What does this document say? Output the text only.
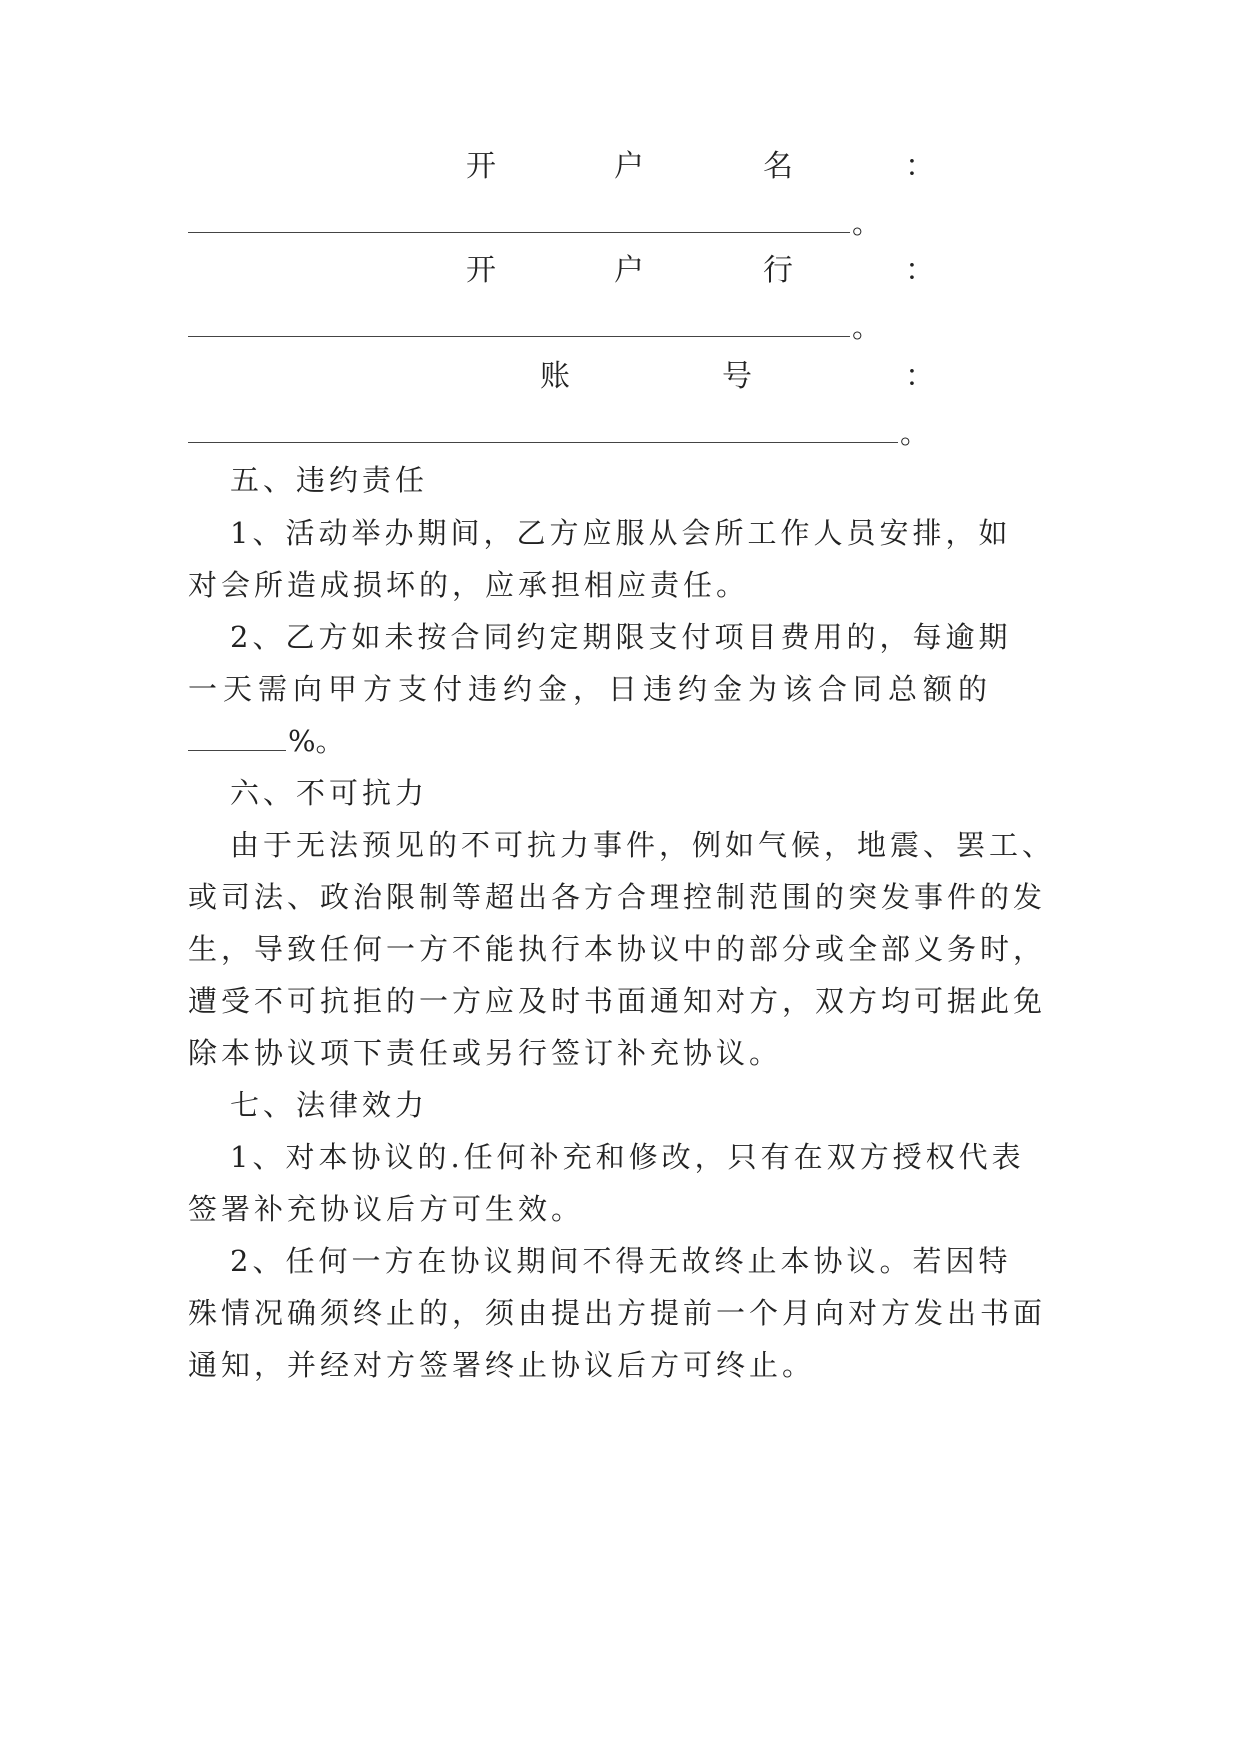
开	户	名	：
。
开	户	行	：
。
账	号	：
。
五、违约责任
1、活动举办期间，乙方应服从会所工作人员安排，如
对会所造成损坏的，应承担相应责任。
2、乙方如未按合同约定期限支付项目费用的，每逾期
一天需向甲方支付违约金，日违约金为该合同总额的
%。
六、不可抗力
由于无法预见的不可抗力事件，例如气候，地震、罢工、
或司法、政治限制等超出各方合理控制范围的突发事件的发
生，导致任何一方不能执行本协议中的部分或全部义务时，
遭受不可抗拒的一方应及时书面通知对方，双方均可据此免
除本协议项下责任或另行签订补充协议。
七、法律效力
1、对本协议的.任何补充和修改，只有在双方授权代表
签署补充协议后方可生效。
2、任何一方在协议期间不得无故终止本协议。若因特
殊情况确须终止的，须由提出方提前一个月向对方发出书面
通知，并经对方签署终止协议后方可终止。
